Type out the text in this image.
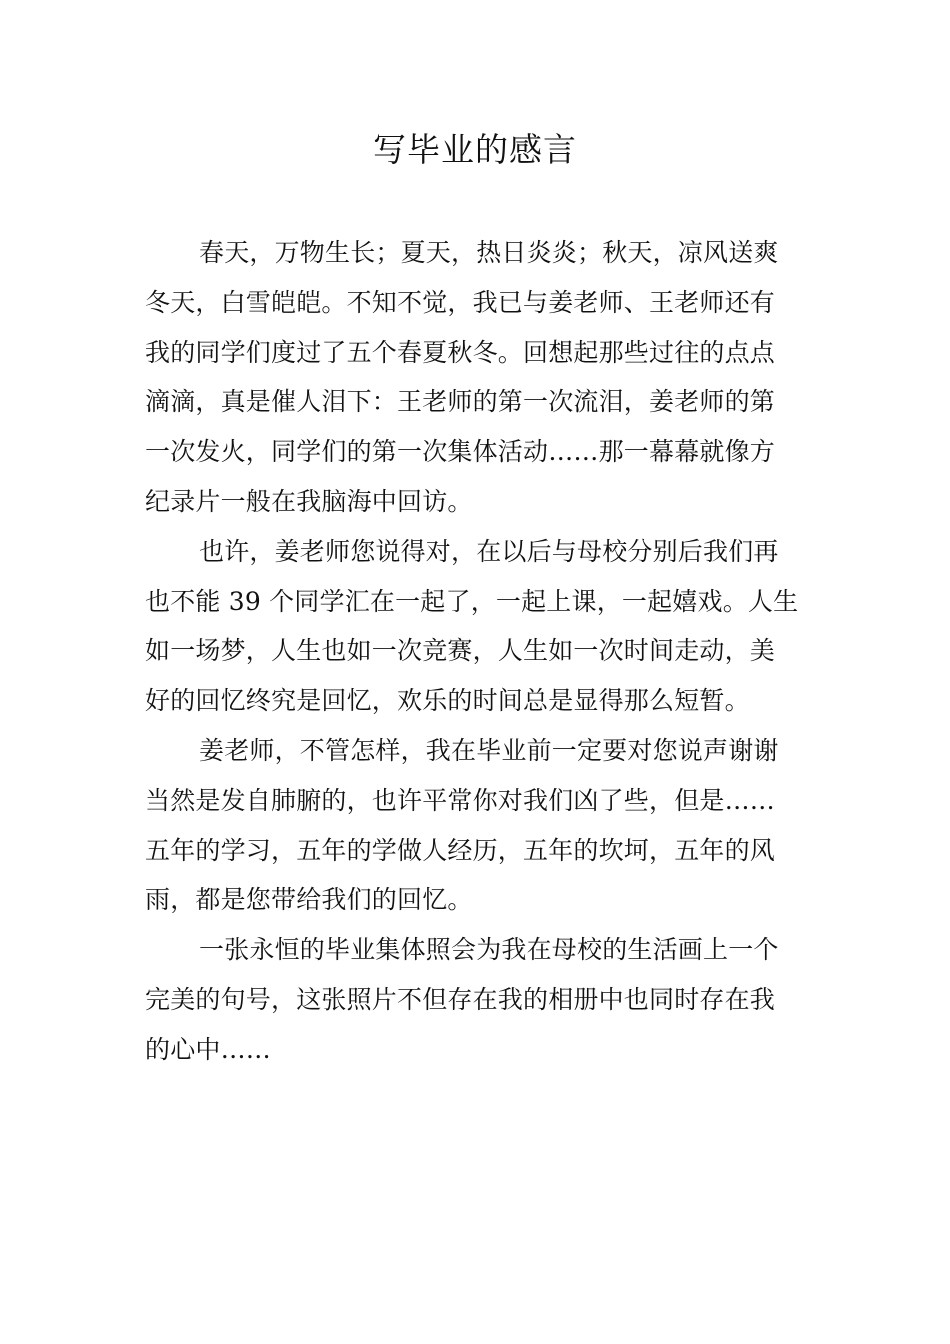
写毕业的感言
春天，万物生长；夏天，热日炎炎；秋天，凉风送爽
冬天，白雪皑皑。不知不觉，我已与姜老师、王老师还有
我的同学们度过了五个春夏秋冬。回想起那些过往的点点
滴滴，真是催人泪下：王老师的第一次流泪，姜老师的第
一次发火，同学们的第一次集体活动……那一幕幕就像方
纪录片一般在我脑海中回访。
也许，姜老师您说得对，在以后与母校分别后我们再
也不能 39 个同学汇在一起了，一起上课，一起嬉戏。人生
如一场梦，人生也如一次竞赛，人生如一次时间走动，美
好的回忆终究是回忆，欢乐的时间总是显得那么短暂。
姜老师，不管怎样，我在毕业前一定要对您说声谢谢
当然是发自肺腑的，也许平常你对我们凶了些，但是……
五年的学习，五年的学做人经历，五年的坎坷，五年的风
雨，都是您带给我们的回忆。
一张永恒的毕业集体照会为我在母校的生活画上一个
完美的句号，这张照片不但存在我的相册中也同时存在我
的心中……
